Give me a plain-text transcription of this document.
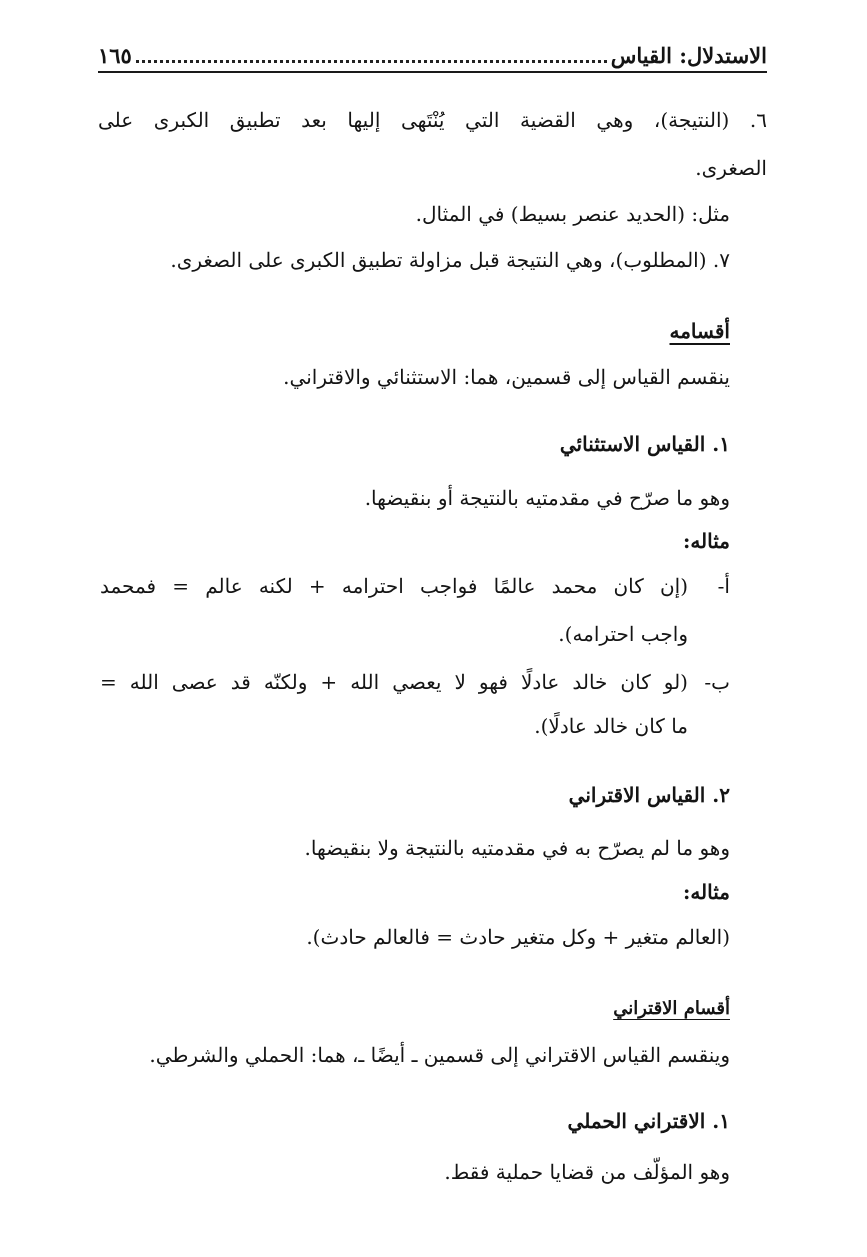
الاستدلال: القياس
١٦٥
٦. (النتيجة)، وهي القضية التي يُنْتَهى إليها بعد تطبيق الكبرى على
الصغرى.
مثل: (الحديد عنصر بسيط) في المثال.
٧. (المطلوب)، وهي النتيجة قبل مزاولة تطبيق الكبرى على الصغرى.
أقسامه
ينقسم القياس إلى قسمين، هما: الاستثنائي والاقتراني.
١. القياس الاستثنائي
وهو ما صرّح في مقدمتيه بالنتيجة أو بنقيضها.
مثاله:
أ-
(إن كان محمد عالمًا فواجب احترامه + لكنه عالم = فمحمد
واجب احترامه).
ب-
(لو كان خالد عادلًا فهو لا يعصي الله + ولكنّه قد عصى الله =
ما كان خالد عادلًا).
٢. القياس الاقتراني
وهو ما لم يصرّح به في مقدمتيه بالنتيجة ولا بنقيضها.
مثاله:
(العالم متغير + وكل متغير حادث = فالعالم حادث).
أقسام الاقتراني
وينقسم القياس الاقتراني إلى قسمين ـ أيضًا ـ، هما: الحملي والشرطي.
١. الاقتراني الحملي
وهو المؤلّف من قضايا حملية فقط.
